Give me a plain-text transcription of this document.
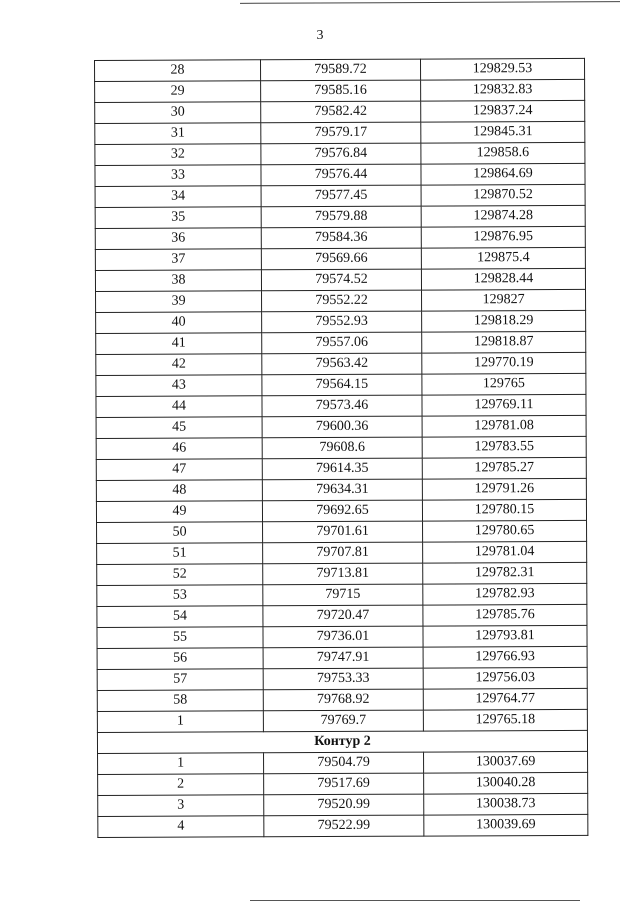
3
28	79589.72	129829.53
29	79585.16	129832.83
30	79582.42	129837.24
31	79579.17	129845.31
32	79576.84	129858.6
33	79576.44	129864.69
34	79577.45	129870.52
35	79579.88	129874.28
36	79584.36	129876.95
37	79569.66	129875.4
38	79574.52	129828.44
39	79552.22	129827
40	79552.93	129818.29
41	79557.06	129818.87
42	79563.42	129770.19
43	79564.15	129765
44	79573.46	129769.11
45	79600.36	129781.08
46	79608.6	129783.55
47	79614.35	129785.27
48	79634.31	129791.26
49	79692.65	129780.15
50	79701.61	129780.65
51	79707.81	129781.04
52	79713.81	129782.31
53	79715	129782.93
54	79720.47	129785.76
55	79736.01	129793.81
56	79747.91	129766.93
57	79753.33	129756.03
58	79768.92	129764.77
1	79769.7	129765.18
Контур 2		
1	79504.79	130037.69
2	79517.69	130040.28
3	79520.99	130038.73
4	79522.99	130039.69
